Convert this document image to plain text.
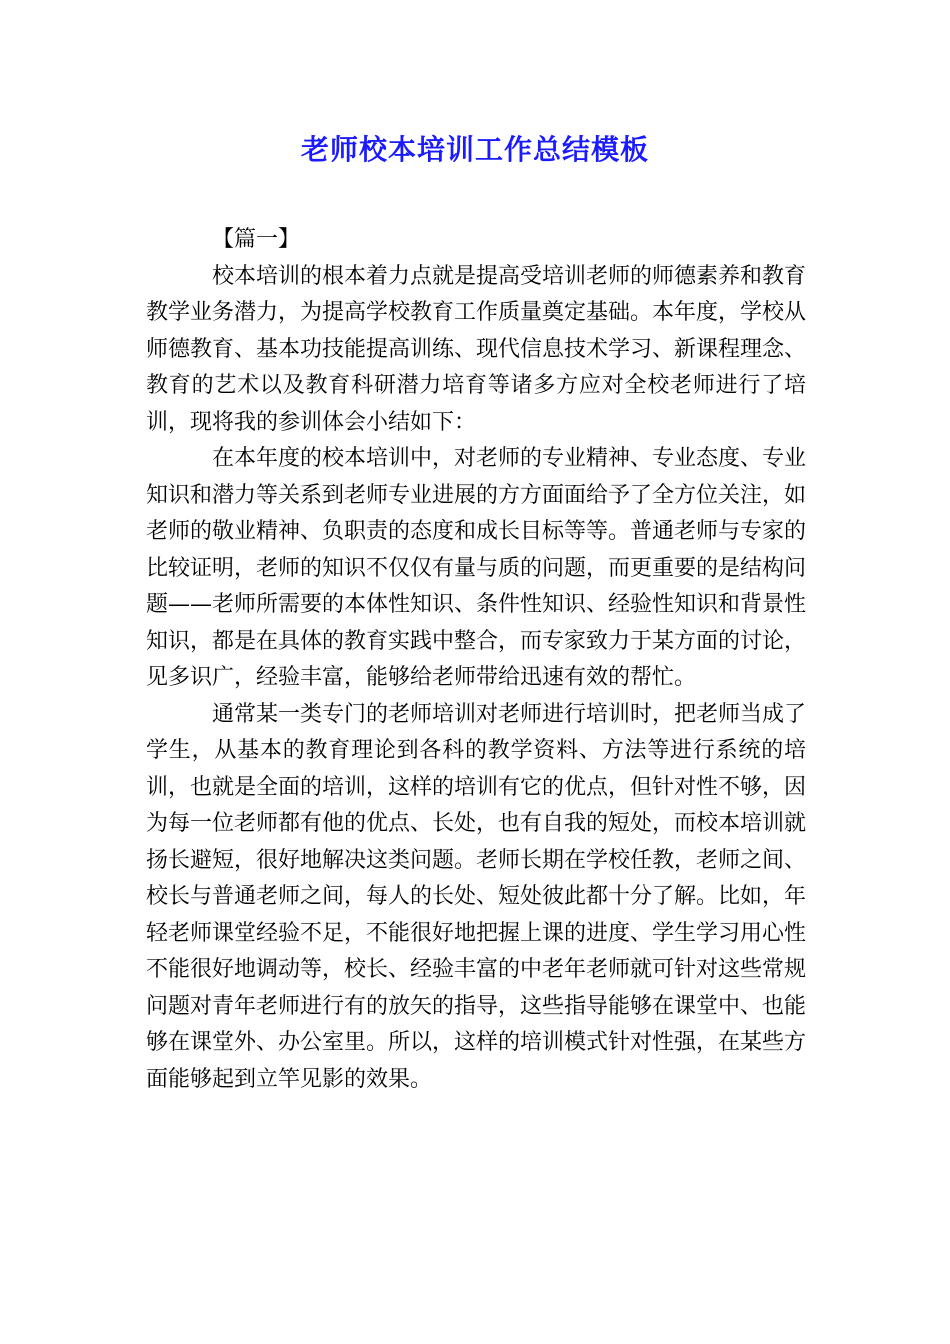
老师校本培训工作总结模板

【篇一】

校本培训的根本着力点就是提高受培训老师的师德素养和教育教学业务潜力，为提高学校教育工作质量奠定基础。本年度，学校从师德教育、基本功技能提高训练、现代信息技术学习、新课程理念、教育的艺术以及教育科研潜力培育等诸多方应对全校老师进行了培训，现将我的参训体会小结如下：

在本年度的校本培训中，对老师的专业精神、专业态度、专业知识和潜力等关系到老师专业进展的方方面面给予了全方位关注，如老师的敬业精神、负职责的态度和成长目标等等。普通老师与专家的比较证明，老师的知识不仅仅有量与质的问题，而更重要的是结构问题——老师所需要的本体性知识、条件性知识、经验性知识和背景性知识，都是在具体的教育实践中整合，而专家致力于某方面的讨论，见多识广，经验丰富，能够给老师带给迅速有效的帮忙。

通常某一类专门的老师培训对老师进行培训时，把老师当成了学生，从基本的教育理论到各科的教学资料、方法等进行系统的培训，也就是全面的培训，这样的培训有它的优点，但针对性不够，因为每一位老师都有他的优点、长处，也有自我的短处，而校本培训就扬长避短，很好地解决这类问题。老师长期在学校任教，老师之间、校长与普通老师之间，每人的长处、短处彼此都十分了解。比如，年轻老师课堂经验不足，不能很好地把握上课的进度、学生学习用心性不能很好地调动等，校长、经验丰富的中老年老师就可针对这些常规问题对青年老师进行有的放矢的指导，这些指导能够在课堂中、也能够在课堂外、办公室里。所以，这样的培训模式针对性强，在某些方面能够起到立竿见影的效果。
